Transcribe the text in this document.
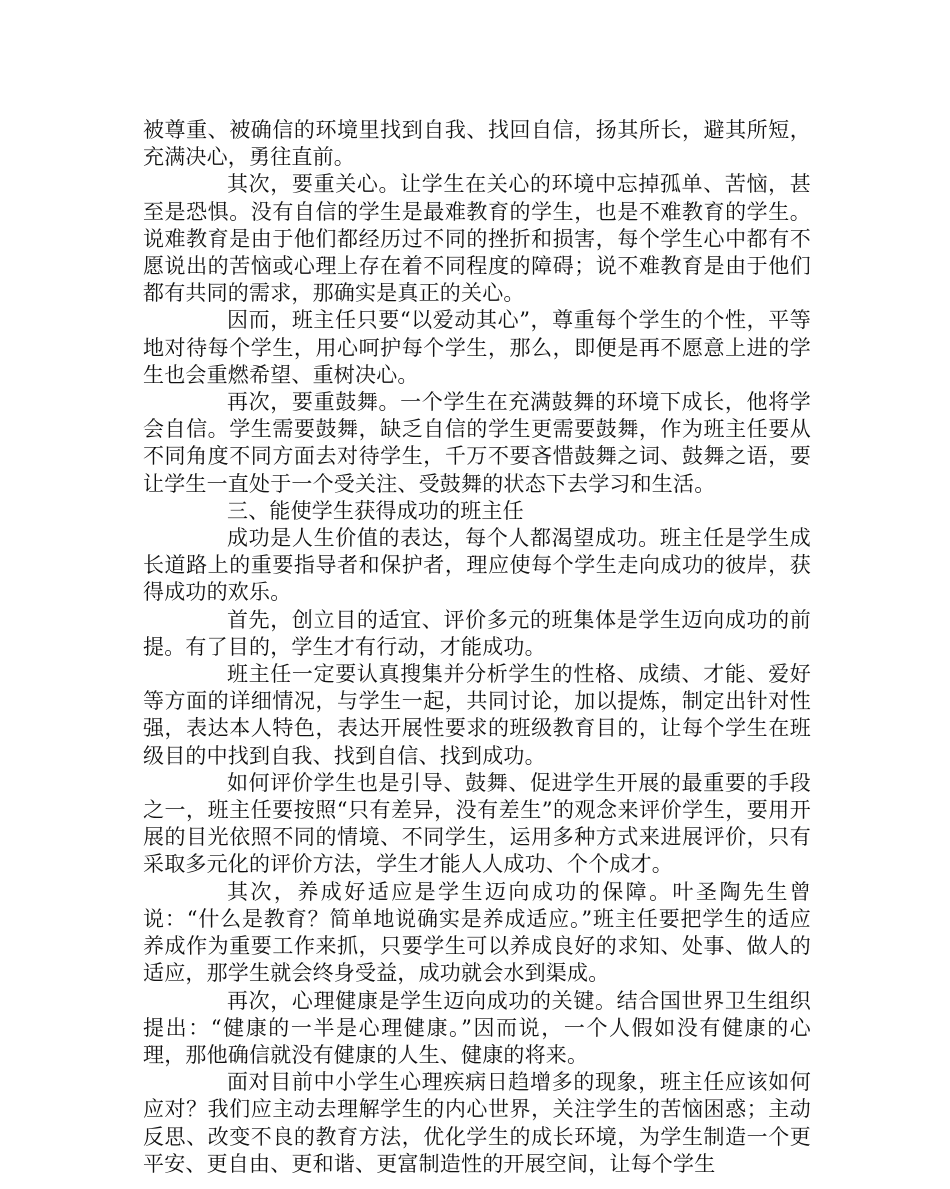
被尊重、被确信的环境里找到自我、找回自信，扬其所长，避其所短，充满决心，勇往直前。

其次，要重关心。让学生在关心的环境中忘掉孤单、苦恼，甚至是恐惧。没有自信的学生是最难教育的学生，也是不难教育的学生。说难教育是由于他们都经历过不同的挫折和损害，每个学生心中都有不愿说出的苦恼或心理上存在着不同程度的障碍；说不难教育是由于他们都有共同的需求，那确实是真正的关心。

因而，班主任只要“以爱动其心”，尊重每个学生的个性，平等地对待每个学生，用心呵护每个学生，那么，即便是再不愿意上进的学生也会重燃希望、重树决心。

再次，要重鼓舞。一个学生在充满鼓舞的环境下成长，他将学会自信。学生需要鼓舞，缺乏自信的学生更需要鼓舞，作为班主任要从不同角度不同方面去对待学生，千万不要吝惜鼓舞之词、鼓舞之语，要让学生一直处于一个受关注、受鼓舞的状态下去学习和生活。

三、能使学生获得成功的班主任

成功是人生价值的表达，每个人都渴望成功。班主任是学生成长道路上的重要指导者和保护者，理应使每个学生走向成功的彼岸，获得成功的欢乐。

首先，创立目的适宜、评价多元的班集体是学生迈向成功的前提。有了目的，学生才有行动，才能成功。

班主任一定要认真搜集并分析学生的性格、成绩、才能、爱好等方面的详细情况，与学生一起，共同讨论，加以提炼，制定出针对性强，表达本人特色，表达开展性要求的班级教育目的，让每个学生在班级目的中找到自我、找到自信、找到成功。

如何评价学生也是引导、鼓舞、促进学生开展的最重要的手段之一，班主任要按照“只有差异，没有差生”的观念来评价学生，要用开展的目光依照不同的情境、不同学生，运用多种方式来进展评价，只有采取多元化的评价方法，学生才能人人成功、个个成才。

其次，养成好适应是学生迈向成功的保障。叶圣陶先生曾说：“什么是教育？简单地说确实是养成适应。”班主任要把学生的适应养成作为重要工作来抓，只要学生可以养成良好的求知、处事、做人的适应，那学生就会终身受益，成功就会水到渠成。

再次，心理健康是学生迈向成功的关键。结合国世界卫生组织提出：“健康的一半是心理健康。”因而说，一个人假如没有健康的心理，那他确信就没有健康的人生、健康的将来。

面对目前中小学生心理疾病日趋增多的现象，班主任应该如何应对？我们应主动去理解学生的内心世界，关注学生的苦恼困惑；主动反思、改变不良的教育方法，优化学生的成长环境，为学生制造一个更平安、更自由、更和谐、更富制造性的开展空间，让每个学生
